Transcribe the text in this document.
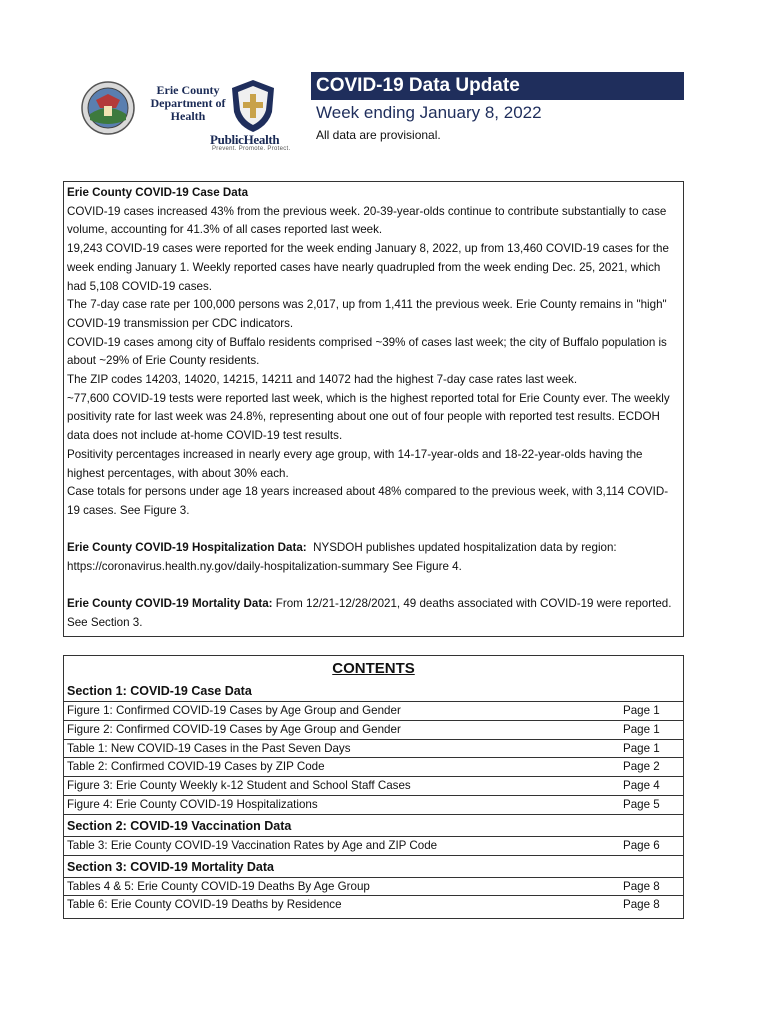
Erie County
Department of
Health
PublicHealth
Prevent. Promote. Protect.
COVID-19 Data Update
Week ending January 8, 2022
All data are provisional.

Erie County COVID-19 Case Data

COVID-19 cases increased 43% from the previous week. 20-39-year-olds continue to contribute substantially to case volume, accounting for 41.3% of all cases reported last week.

19,243 COVID-19 cases were reported for the week ending January 8, 2022, up from 13,460 COVID-19 cases for the week ending January 1. Weekly reported cases have nearly quadrupled from the week ending Dec. 25, 2021, which had 5,108 COVID-19 cases.

The 7-day case rate per 100,000 persons was 2,017, up from 1,411 the previous week. Erie County remains in "high" COVID-19 transmission per CDC indicators.

COVID-19 cases among city of Buffalo residents comprised ~39% of cases last week; the city of Buffalo population is about ~29% of Erie County residents.

The ZIP codes 14203, 14020, 14215, 14211 and 14072 had the highest 7-day case rates last week.

~77,600 COVID-19 tests were reported last week, which is the highest reported total for Erie County ever. The weekly positivity rate for last week was 24.8%, representing about one out of four people with reported test results. ECDOH data does not include at-home COVID-19 test results.

Positivity percentages increased in nearly every age group, with 14-17-year-olds and 18-22-year-olds having the highest percentages, with about 30% each.

Case totals for persons under age 18 years increased about 48% compared to the previous week, with 3,114 COVID-19 cases. See Figure 3.

Erie County COVID-19 Hospitalization Data: NYSDOH publishes updated hospitalization data by region: https://coronavirus.health.ny.gov/daily-hospitalization-summary See Figure 4.

Erie County COVID-19 Mortality Data: From 12/21-12/28/2021, 49 deaths associated with COVID-19 were reported. See Section 3.

CONTENTS
Section 1: COVID-19 Case Data
Figure 1: Confirmed COVID-19 Cases by Age Group and Gender	Page 1
Figure 2: Confirmed COVID-19 Cases by Age Group and Gender	Page 1
Table 1: New COVID-19 Cases in the Past Seven Days	Page 1
Table 2: Confirmed COVID-19 Cases by ZIP Code	Page 2
Figure 3: Erie County Weekly k-12 Student and School Staff Cases	Page 4
Figure 4: Erie County COVID-19 Hospitalizations	Page 5
Section 2: COVID-19 Vaccination Data
Table 3: Erie County COVID-19 Vaccination Rates by Age and ZIP Code	Page 6
Section 3: COVID-19 Mortality Data
Tables 4 & 5: Erie County COVID-19 Deaths By Age Group	Page 8
Table 6: Erie County COVID-19 Deaths by Residence	Page 8
